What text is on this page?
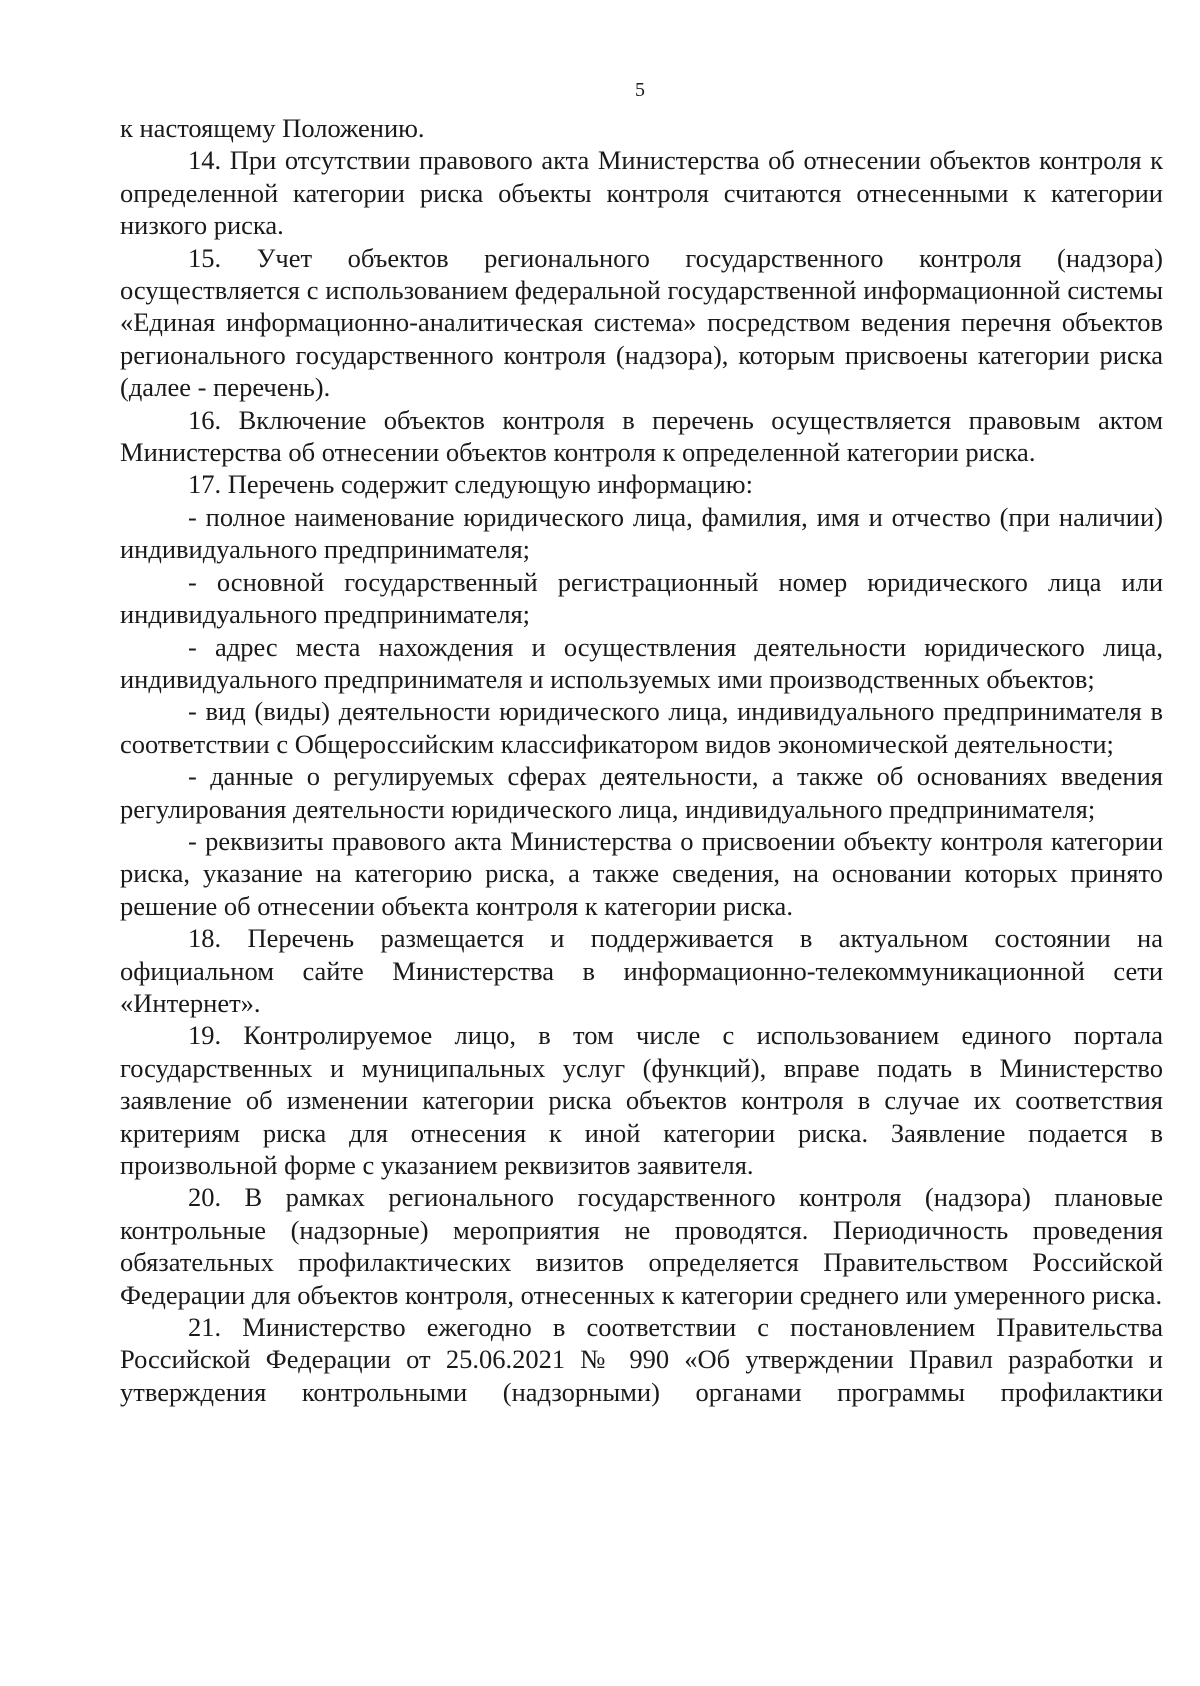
5

к настоящему Положению.

14. При отсутствии правового акта Министерства об отнесении объектов контроля к определенной категории риска объекты контроля считаются отнесенными к категории низкого риска.

15. Учет объектов регионального государственного контроля (надзора) осуществляется с использованием федеральной государственной информационной системы «Единая информационно-аналитическая система» посредством ведения перечня объектов регионального государственного контроля (надзора), которым присвоены категории риска (далее - перечень).

16. Включение объектов контроля в перечень осуществляется правовым актом Министерства об отнесении объектов контроля к определенной категории риска.

17. Перечень содержит следующую информацию:

- полное наименование юридического лица, фамилия, имя и отчество (при наличии) индивидуального предпринимателя;

- основной государственный регистрационный номер юридического лица или индивидуального предпринимателя;

- адрес места нахождения и осуществления деятельности юридического лица, индивидуального предпринимателя и используемых ими производственных объектов;

- вид (виды) деятельности юридического лица, индивидуального предпринимателя в соответствии с Общероссийским классификатором видов экономической деятельности;

- данные о регулируемых сферах деятельности, а также об основаниях введения регулирования деятельности юридического лица, индивидуального предпринимателя;

- реквизиты правового акта Министерства о присвоении объекту контроля категории риска, указание на категорию риска, а также сведения, на основании которых принято решение об отнесении объекта контроля к категории риска.

18. Перечень размещается и поддерживается в актуальном состоянии на официальном сайте Министерства в информационно-телекоммуникационной сети «Интернет».

19. Контролируемое лицо, в том числе с использованием единого портала государственных и муниципальных услуг (функций), вправе подать в Министерство заявление об изменении категории риска объектов контроля в случае их соответствия критериям риска для отнесения к иной категории риска. Заявление подается в произвольной форме с указанием реквизитов заявителя.

20. В рамках регионального государственного контроля (надзора) плановые контрольные (надзорные) мероприятия не проводятся. Периодичность проведения обязательных профилактических визитов определяется Правительством Российской Федерации для объектов контроля, отнесенных к категории среднего или умеренного риска.

21. Министерство ежегодно в соответствии с постановлением Правительства Российской Федерации от 25.06.2021 № 990 «Об утверждении Правил разработки и утверждения контрольными (надзорными) органами программы профилактики
